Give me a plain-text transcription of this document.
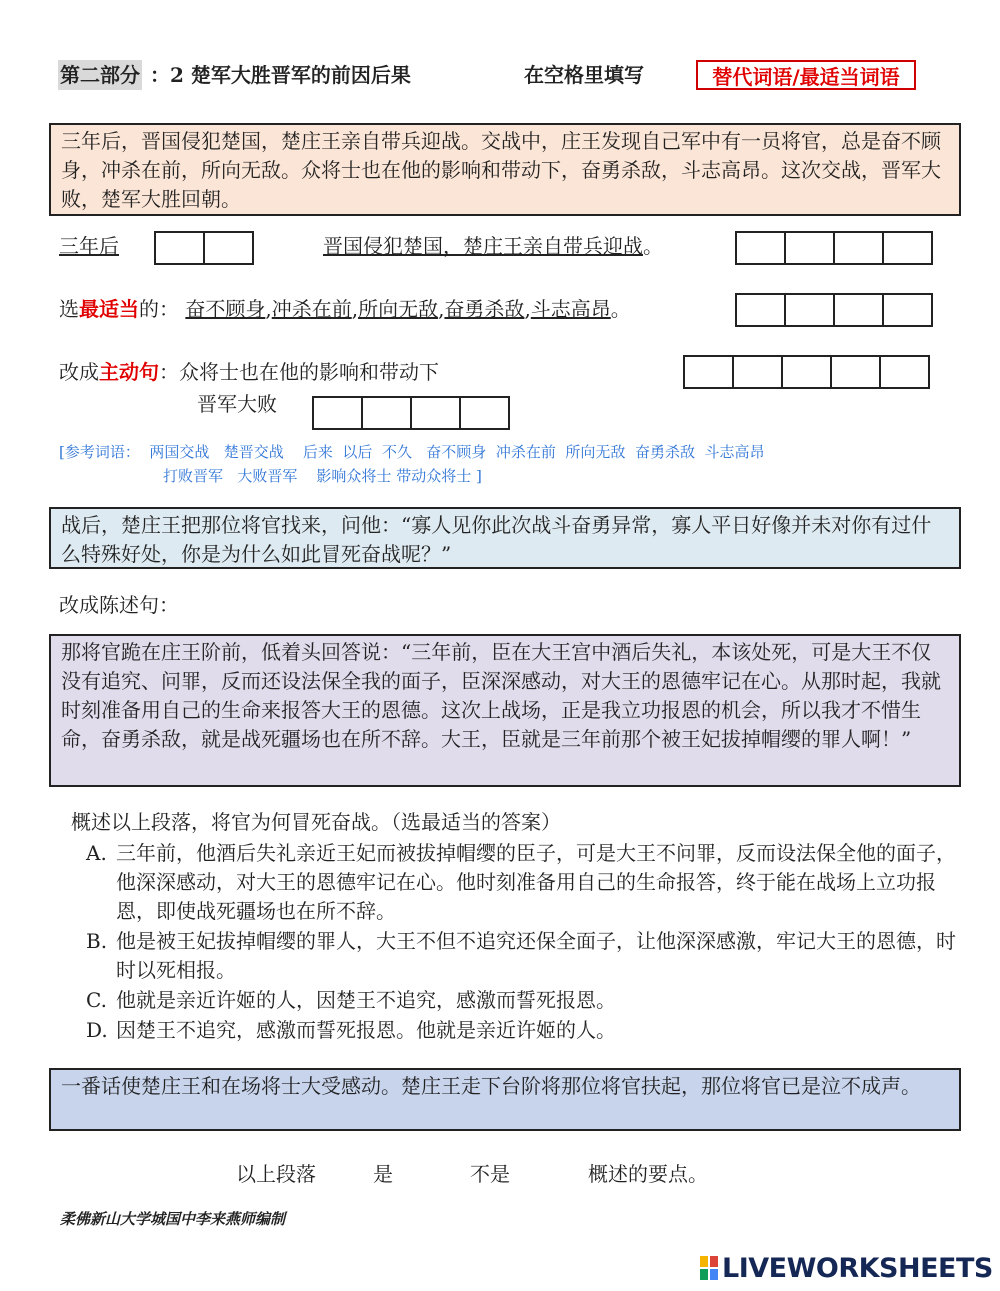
第二部分 ：2 楚军大胜晋军的前因后果	在空格里填写	替代词语/最适当词语
三年后，晋国侵犯楚国，楚庄王亲自带兵迎战。交战中，庄王发现自己军中有一员将官，总是奋不顾身，冲杀在前，所向无敌。众将士也在他的影响和带动下，奋勇杀敌，斗志高昂。这次交战，晋军大败，楚军大胜回朝。
三年后	晋国侵犯楚国，楚庄王亲自带兵迎战。
选最适当的： 奋不顾身,冲杀在前,所向无敌,奋勇杀敌,斗志高昂。
改成主动句：众将士也在他的影响和带动下
晋军大败
[参考词语： 两国交战 楚晋交战 后来 以后 不久 奋不顾身 冲杀在前 所向无敌 奋勇杀敌 斗志高昂
打败晋军 大败晋军 影响众将士 带动众将士 ]
战后，楚庄王把那位将官找来，问他：“寡人见你此次战斗奋勇异常，寡人平日好像并未对你有过什么特殊好处，你是为什么如此冒死奋战呢？”
改成陈述句：
那将官跪在庄王阶前，低着头回答说：“三年前，臣在大王宫中酒后失礼，本该处死，可是大王不仅没有追究、问罪，反而还设法保全我的面子，臣深深感动，对大王的恩德牢记在心。从那时起，我就时刻准备用自己的生命来报答大王的恩德。这次上战场，正是我立功报恩的机会，所以我才不惜生命，奋勇杀敌，就是战死疆场也在所不辞。大王，臣就是三年前那个被王妃拔掉帽缨的罪人啊！”
概述以上段落，将官为何冒死奋战。（选最适当的答案）
A. 三年前，他酒后失礼亲近王妃而被拔掉帽缨的臣子，可是大王不问罪，反而设法保全他的面子，他深深感动，对大王的恩德牢记在心。他时刻准备用自己的生命报答，终于能在战场上立功报恩，即使战死疆场也在所不辞。
B. 他是被王妃拔掉帽缨的罪人，大王不但不追究还保全面子，让他深深感激，牢记大王的恩德，时时以死相报。
C. 他就是亲近许姬的人，因楚王不追究，感激而誓死报恩。
D. 因楚王不追究，感激而誓死报恩。他就是亲近许姬的人。
一番话使楚庄王和在场将士大受感动。楚庄王走下台阶将那位将官扶起，那位将官已是泣不成声。
以上段落	是	不是	概述的要点。
柔佛新山大学城国中李来燕师编制
LIVEWORKSHEETS
